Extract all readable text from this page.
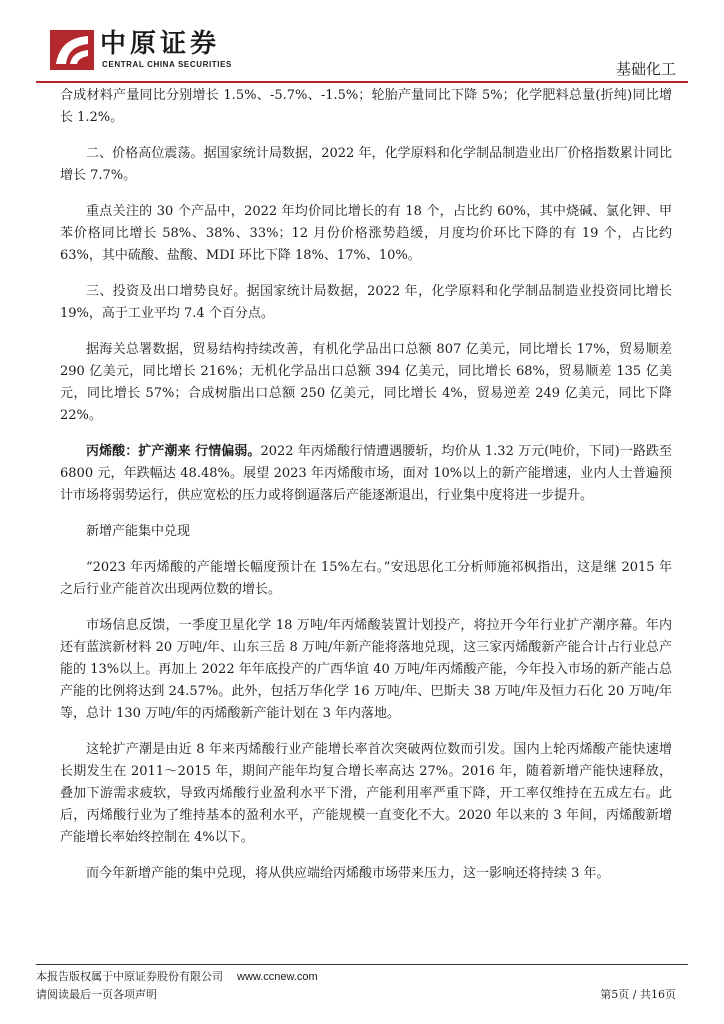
中原证券
CENTRAL CHINA SECURITIES	基础化工

合成材料产量同比分别增长 1.5%、-5.7%、-1.5%；轮胎产量同比下降 5%；化学肥料总量(折纯)同比增长 1.2%。

二、价格高位震荡。据国家统计局数据，2022 年，化学原料和化学制品制造业出厂价格指数累计同比增长 7.7%。

重点关注的 30 个产品中，2022 年均价同比增长的有 18 个，占比约 60%，其中烧碱、氯化钾、甲苯价格同比增长 58%、38%、33%；12 月份价格涨势趋缓，月度均价环比下降的有 19 个，占比约 63%，其中硫酸、盐酸、MDI 环比下降 18%、17%、10%。

三、投资及出口增势良好。据国家统计局数据，2022 年，化学原料和化学制品制造业投资同比增长 19%，高于工业平均 7.4 个百分点。

据海关总署数据，贸易结构持续改善，有机化学品出口总额 807 亿美元，同比增长 17%，贸易顺差 290 亿美元，同比增长 216%；无机化学品出口总额 394 亿美元，同比增长 68%，贸易顺差 135 亿美元，同比增长 57%；合成树脂出口总额 250 亿美元，同比增长 4%，贸易逆差 249 亿美元，同比下降 22%。

丙烯酸：扩产潮来 行情偏弱。2022 年丙烯酸行情遭遇腰斩，均价从 1.32 万元(吨价，下同)一路跌至 6800 元，年跌幅达 48.48%。展望 2023 年丙烯酸市场，面对 10%以上的新产能增速，业内人士普遍预计市场将弱势运行，供应宽松的压力或将倒逼落后产能逐渐退出，行业集中度将进一步提升。

新增产能集中兑现

“2023 年丙烯酸的产能增长幅度预计在 15%左右。”安迅思化工分析师施祁枫指出，这是继 2015 年之后行业产能首次出现两位数的增长。

市场信息反馈，一季度卫星化学 18 万吨/年丙烯酸装置计划投产，将拉开今年行业扩产潮序幕。年内还有蓝滨新材料 20 万吨/年、山东三岳 8 万吨/年新产能将落地兑现，这三家丙烯酸新产能合计占行业总产能的 13%以上。再加上 2022 年年底投产的广西华谊 40 万吨/年丙烯酸产能，今年投入市场的新产能占总产能的比例将达到 24.57%。此外，包括万华化学 16 万吨/年、巴斯夫 38 万吨/年及恒力石化 20 万吨/年等，总计 130 万吨/年的丙烯酸新产能计划在 3 年内落地。

这轮扩产潮是由近 8 年来丙烯酸行业产能增长率首次突破两位数而引发。国内上轮丙烯酸产能快速增长期发生在 2011～2015 年，期间产能年均复合增长率高达 27%。2016 年，随着新增产能快速释放，叠加下游需求疲软，导致丙烯酸行业盈利水平下滑，产能利用率严重下降，开工率仅维持在五成左右。此后，丙烯酸行业为了维持基本的盈利水平，产能规模一直变化不大。2020 年以来的 3 年间，丙烯酸新增产能增长率始终控制在 4%以下。

而今年新增产能的集中兑现，将从供应端给丙烯酸市场带来压力，这一影响还将持续 3 年。

本报告版权属于中原证券股份有限公司 www.ccnew.com
请阅读最后一页各项声明	第5页 / 共16页
